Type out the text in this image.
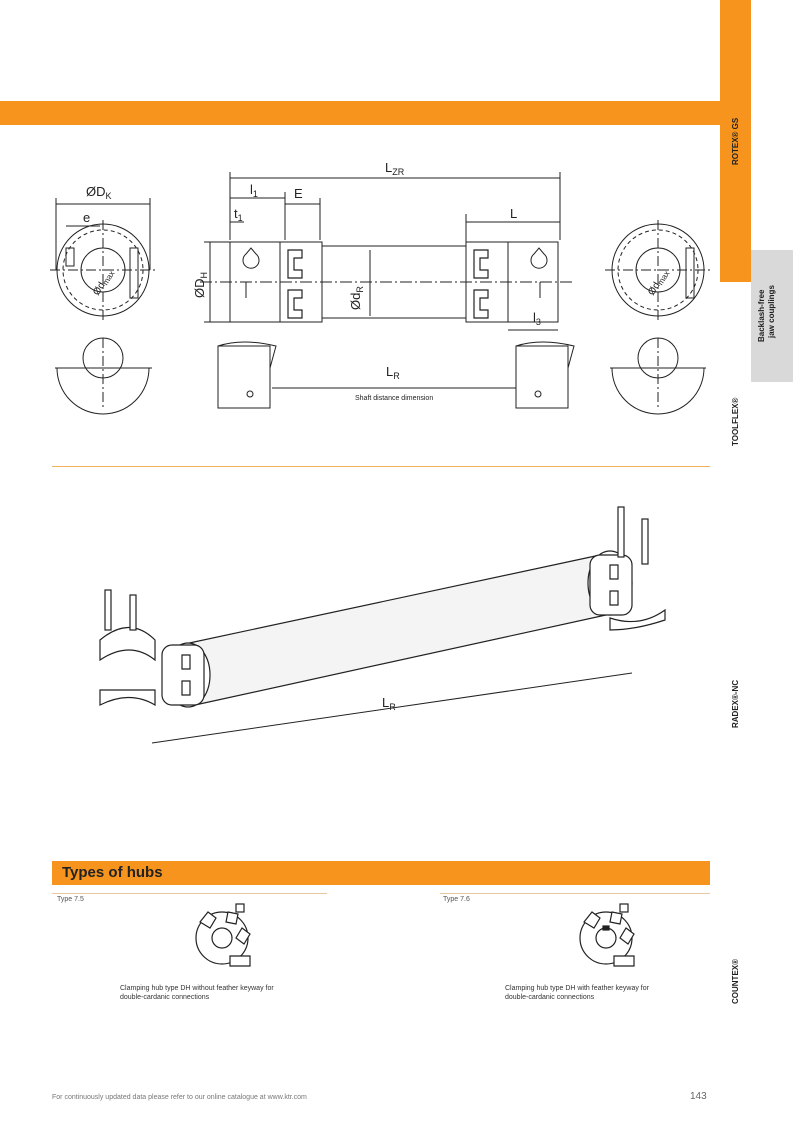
ROTEX® GS
Backlash-free jaw couplings
TOOLFLEX®
RADEX®-NC
COUNTEX®
$ØD_K$
e
$L_{ZR}$
$l_1$	E
$t_1$	L
$l_3$
$L_R$
Shaft distance dimension
$ØD_H$
$Ød_R$
$Ød_{max}$
$Ød_{max}$
$L_R$
Types of hubs
Type 7.5	Type 7.6
Clamping hub type DH without feather keyway for
double-cardanic connections
Clamping hub type DH with feather keyway for
double-cardanic connections
For continuously updated data please refer to our online catalogue at www.ktr.com	143
